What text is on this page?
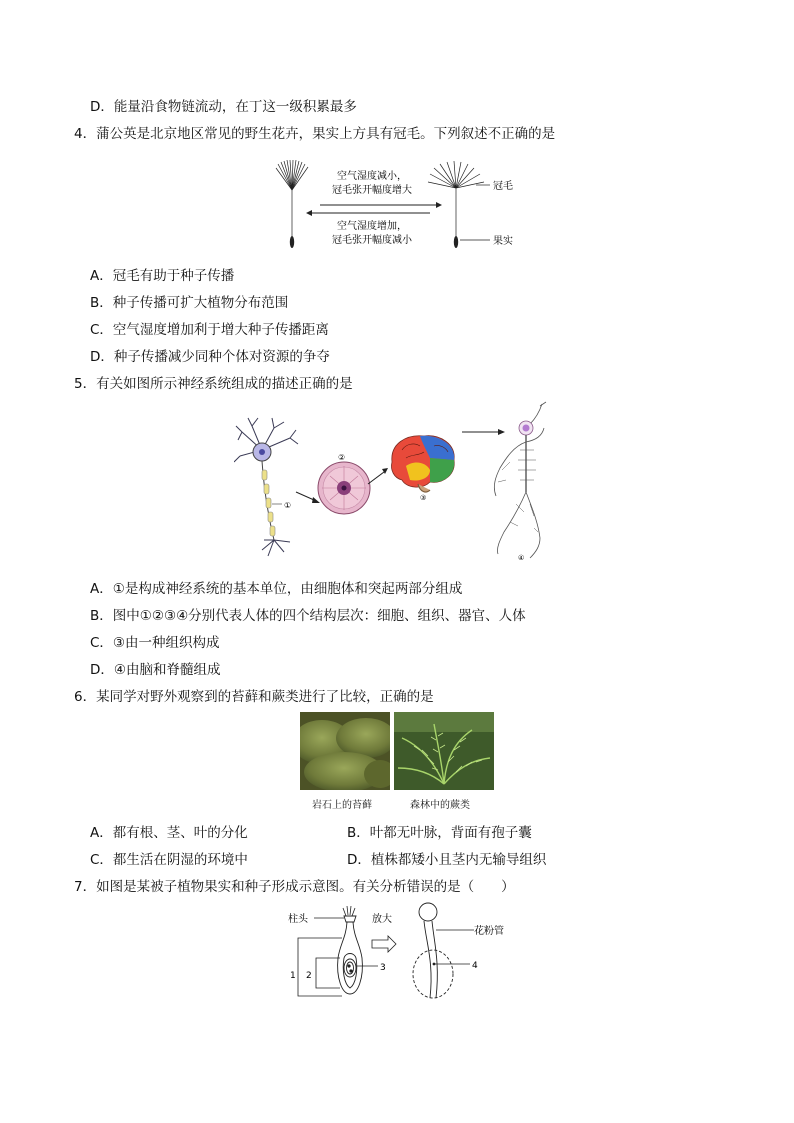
D．能量沿食物链流动，在丁这一级积累最多
4．蒲公英是北京地区常见的野生花卉，果实上方具有冠毛。下列叙述不正确的是
空气湿度减小，
冠毛张开幅度增大
空气湿度增加，
冠毛张开幅度减小
冠毛
果实
A．冠毛有助于种子传播
B．种子传播可扩大植物分布范围
C．空气湿度增加利于增大种子传播距离
D．种子传播减少同种个体对资源的争夺
5．有关如图所示神经系统组成的描述正确的是
①
②
③
④
A．①是构成神经系统的基本单位，由细胞体和突起两部分组成
B．图中①②③④分别代表人体的四个结构层次：细胞、组织、器官、人体
C．③由一种组织构成
D．④由脑和脊髓组成
6．某同学对野外观察到的苔藓和蕨类进行了比较，正确的是
岩石上的苔藓	森林中的蕨类
A．都有根、茎、叶的分化	B．叶都无叶脉，背面有孢子囊
C．都生活在阴湿的环境中	D．植株都矮小且茎内无输导组织
7．如图是某被子植物果实和种子形成示意图。有关分析错误的是（　　）
柱头
3
1 2
放大
花粉管
4
